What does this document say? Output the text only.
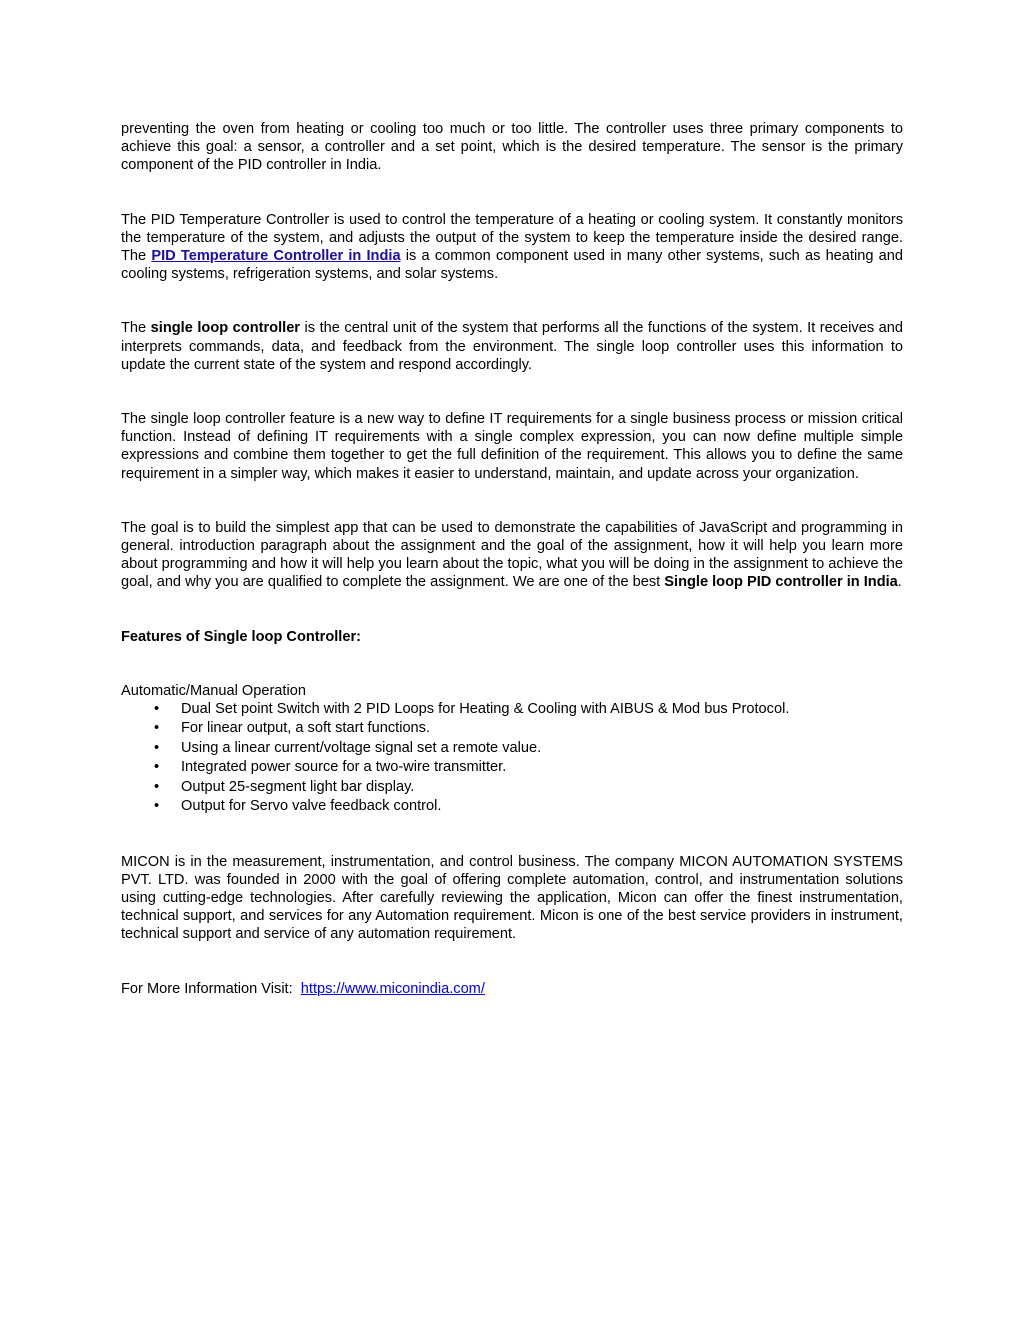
preventing the oven from heating or cooling too much or too little. The controller uses three primary components to achieve this goal: a sensor, a controller and a set point, which is the desired temperature. The sensor is the primary component of the PID controller in India.

The PID Temperature Controller is used to control the temperature of a heating or cooling system. It constantly monitors the temperature of the system, and adjusts the output of the system to keep the temperature inside the desired range. The PID Temperature Controller in India is a common component used in many other systems, such as heating and cooling systems, refrigeration systems, and solar systems.

The single loop controller is the central unit of the system that performs all the functions of the system. It receives and interprets commands, data, and feedback from the environment. The single loop controller uses this information to update the current state of the system and respond accordingly.

The single loop controller feature is a new way to define IT requirements for a single business process or mission critical function. Instead of defining IT requirements with a single complex expression, you can now define multiple simple expressions and combine them together to get the full definition of the requirement. This allows you to define the same requirement in a simpler way, which makes it easier to understand, maintain, and update across your organization.

The goal is to build the simplest app that can be used to demonstrate the capabilities of JavaScript and programming in general. introduction paragraph about the assignment and the goal of the assignment, how it will help you learn more about programming and how it will help you learn about the topic, what you will be doing in the assignment to achieve the goal, and why you are qualified to complete the assignment. We are one of the best Single loop PID controller in India.

Features of Single loop Controller:

Automatic/Manual Operation

• Dual Set point Switch with 2 PID Loops for Heating & Cooling with AIBUS & Mod bus Protocol.
• For linear output, a soft start functions.
• Using a linear current/voltage signal set a remote value.
• Integrated power source for a two-wire transmitter.
• Output 25-segment light bar display.
• Output for Servo valve feedback control.

MICON is in the measurement, instrumentation, and control business. The company MICON AUTOMATION SYSTEMS PVT. LTD. was founded in 2000 with the goal of offering complete automation, control, and instrumentation solutions using cutting-edge technologies. After carefully reviewing the application, Micon can offer the finest instrumentation, technical support, and services for any Automation requirement. Micon is one of the best service providers in instrument, technical support and service of any automation requirement.

For More Information Visit: https://www.miconindia.com/
